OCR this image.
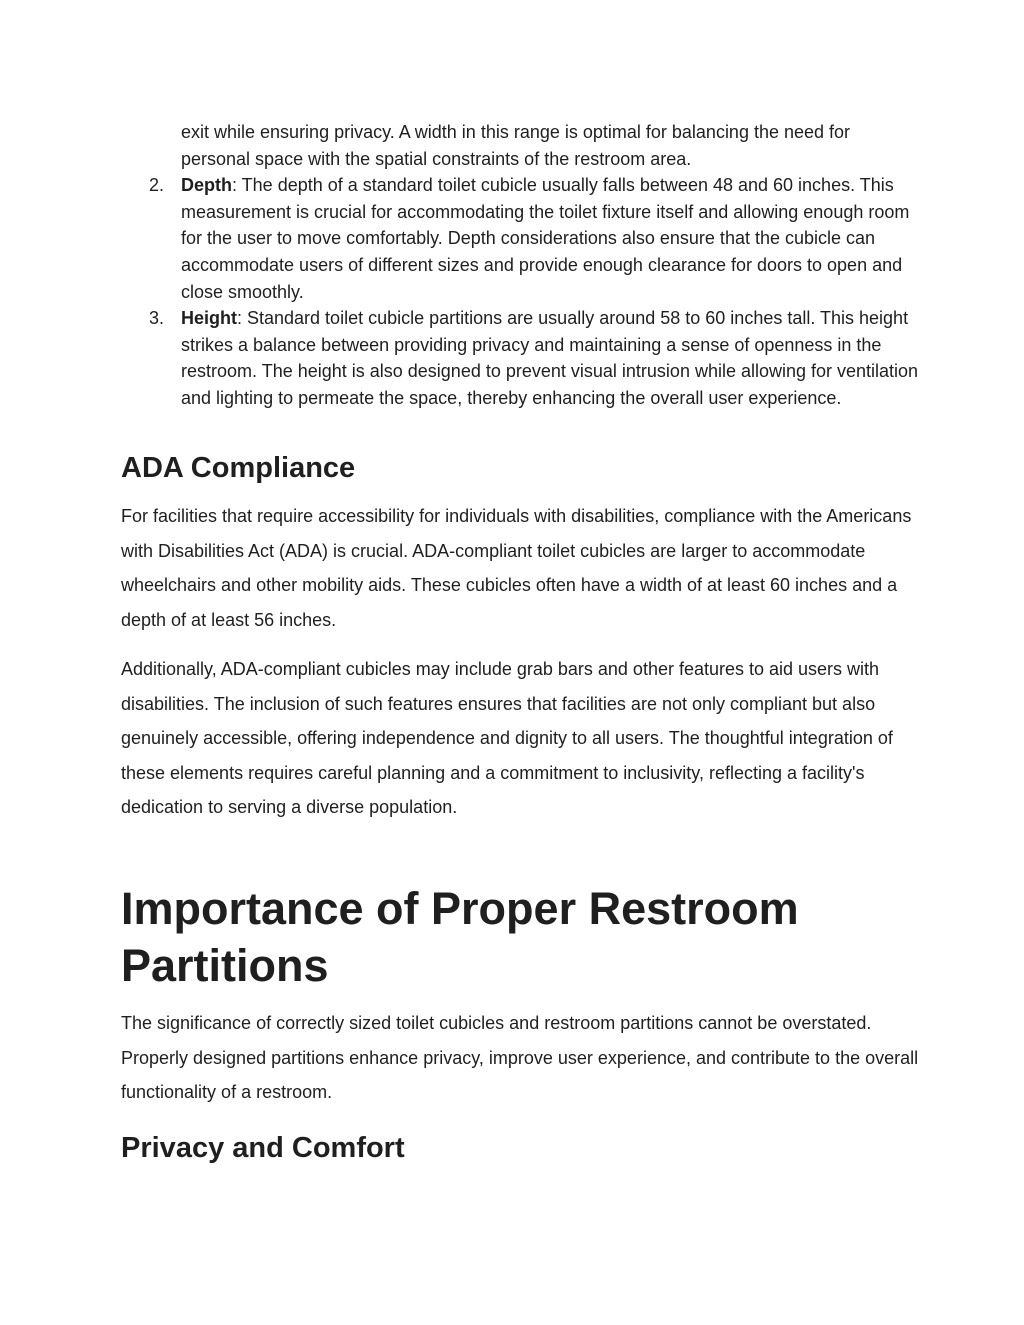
exit while ensuring privacy. A width in this range is optimal for balancing the need for personal space with the spatial constraints of the restroom area.
2. Depth: The depth of a standard toilet cubicle usually falls between 48 and 60 inches. This measurement is crucial for accommodating the toilet fixture itself and allowing enough room for the user to move comfortably. Depth considerations also ensure that the cubicle can accommodate users of different sizes and provide enough clearance for doors to open and close smoothly.
3. Height: Standard toilet cubicle partitions are usually around 58 to 60 inches tall. This height strikes a balance between providing privacy and maintaining a sense of openness in the restroom. The height is also designed to prevent visual intrusion while allowing for ventilation and lighting to permeate the space, thereby enhancing the overall user experience.
ADA Compliance

For facilities that require accessibility for individuals with disabilities, compliance with the Americans with Disabilities Act (ADA) is crucial. ADA-compliant toilet cubicles are larger to accommodate wheelchairs and other mobility aids. These cubicles often have a width of at least 60 inches and a depth of at least 56 inches.

Additionally, ADA-compliant cubicles may include grab bars and other features to aid users with disabilities. The inclusion of such features ensures that facilities are not only compliant but also genuinely accessible, offering independence and dignity to all users. The thoughtful integration of these elements requires careful planning and a commitment to inclusivity, reflecting a facility's dedication to serving a diverse population.

Importance of Proper Restroom Partitions

The significance of correctly sized toilet cubicles and restroom partitions cannot be overstated. Properly designed partitions enhance privacy, improve user experience, and contribute to the overall functionality of a restroom.

Privacy and Comfort
